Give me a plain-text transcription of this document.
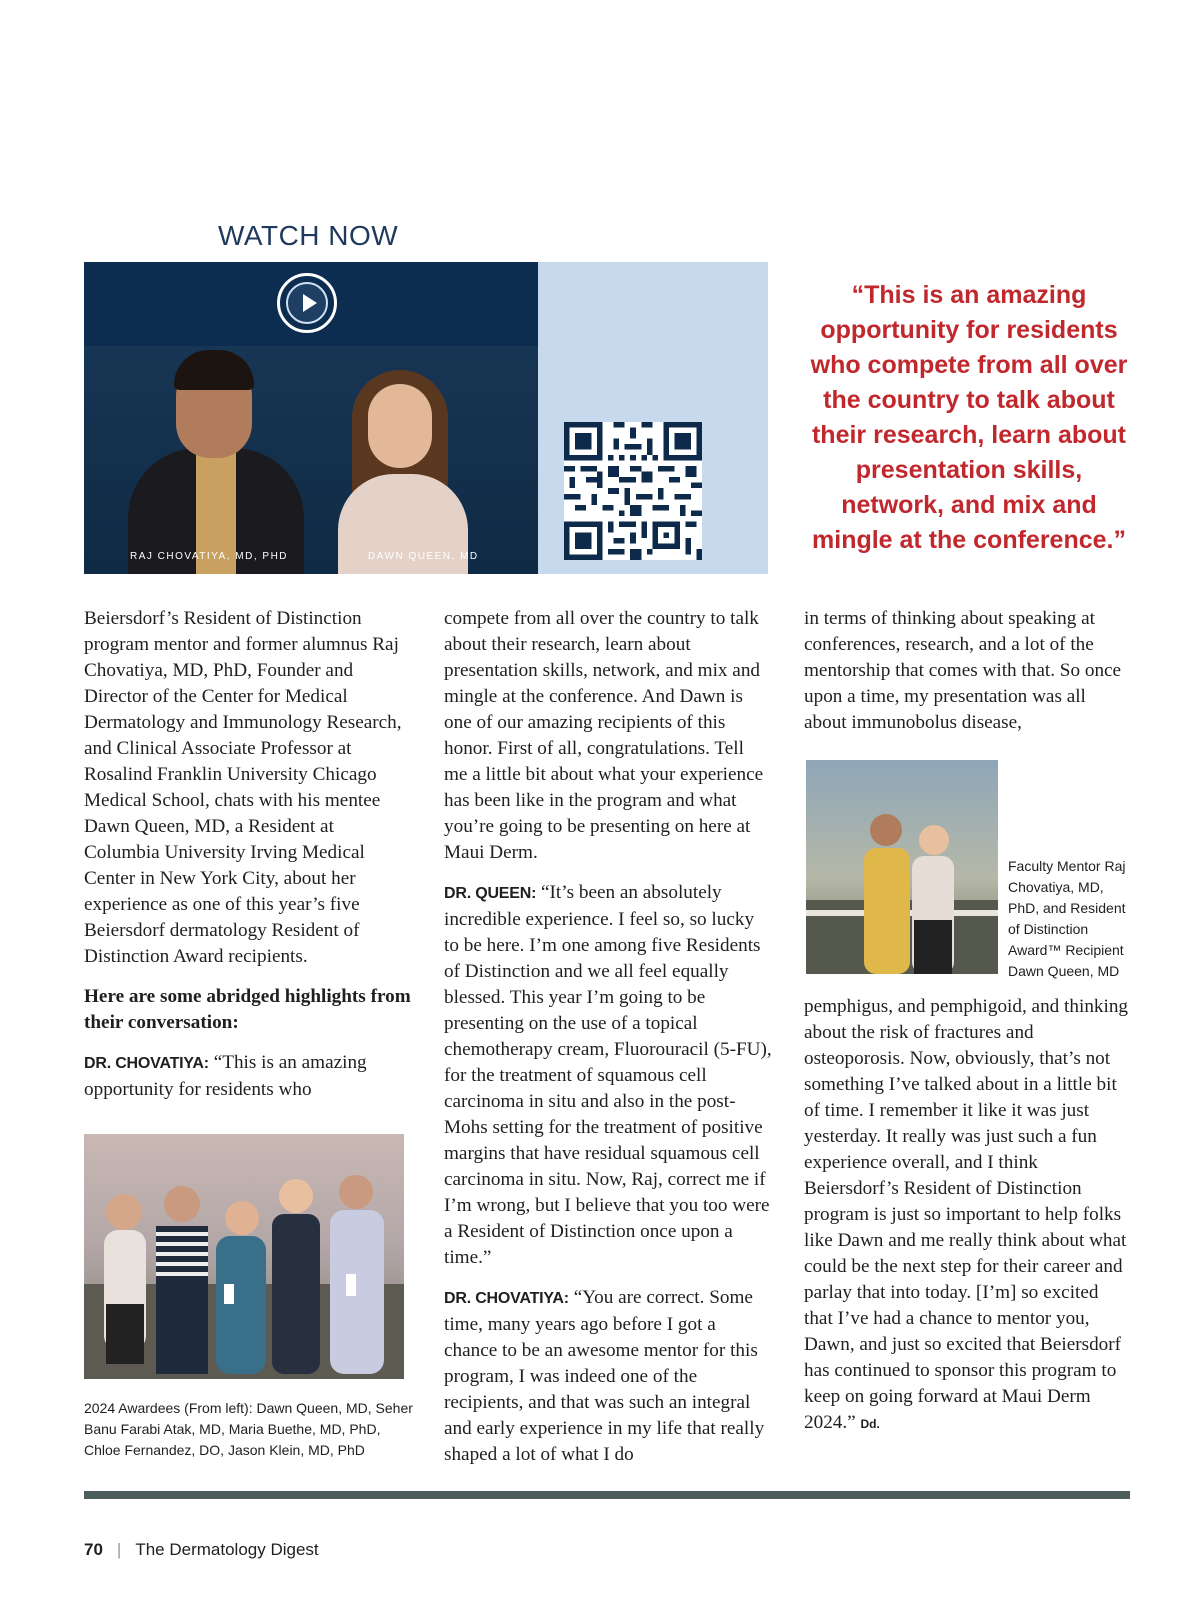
WATCH NOW
RAJ CHOVATIYA, MD, PHD	DAWN QUEEN, MD
“This is an amazing opportunity for residents who compete from all over the country to talk about their research, learn about presentation skills, network, and mix and mingle at the conference.”

Beiersdorf’s Resident of Distinction program mentor and former alumnus Raj Chovatiya, MD, PhD, Founder and Director of the Center for Medical Dermatology and Immunology Research, and Clinical Associate Professor at Rosalind Franklin University Chicago Medical School, chats with his mentee Dawn Queen, MD, a Resident at Columbia University Irving Medical Center in New York City, about her experience as one of this year’s five Beiersdorf dermatology Resident of Distinction Award recipients.

Here are some abridged highlights from their conversation:

DR. CHOVATIYA: “This is an amazing opportunity for residents who

2024 Awardees (From left): Dawn Queen, MD, Seher Banu Farabi Atak, MD, Maria Buethe, MD, PhD, Chloe Fernandez, DO, Jason Klein, MD, PhD

compete from all over the country to talk about their research, learn about presentation skills, network, and mix and mingle at the conference. And Dawn is one of our amazing recipients of this honor. First of all, congratulations. Tell me a little bit about what your experience has been like in the program and what you’re going to be presenting on here at Maui Derm.

DR. QUEEN: “It’s been an absolutely incredible experience. I feel so, so lucky to be here. I’m one among five Residents of Distinction and we all feel equally blessed. This year I’m going to be presenting on the use of a topical chemotherapy cream, Fluorouracil (5-FU), for the treatment of squamous cell carcinoma in situ and also in the post-Mohs setting for the treatment of positive margins that have residual squamous cell carcinoma in situ. Now, Raj, correct me if I’m wrong, but I believe that you too were a Resident of Distinction once upon a time.”

DR. CHOVATIYA: “You are correct. Some time, many years ago before I got a chance to be an awesome mentor for this program, I was indeed one of the recipients, and that was such an integral and early experience in my life that really shaped a lot of what I do

in terms of thinking about speaking at conferences, research, and a lot of the mentorship that comes with that. So once upon a time, my presentation was all about immunobolus disease,

Faculty Mentor Raj Chovatiya, MD, PhD, and Resident of Distinction Award™ Recipient Dawn Queen, MD

pemphigus, and pemphigoid, and thinking about the risk of fractures and osteoporosis. Now, obviously, that’s not something I’ve talked about in a little bit of time. I remember it like it was just yesterday. It really was just such a fun experience overall, and I think Beiersdorf’s Resident of Distinction program is just so important to help folks like Dawn and me really think about what could be the next step for their career and parlay that into today. [I’m] so excited that I’ve had a chance to mentor you, Dawn, and just so excited that Beiersdorf has continued to sponsor this program to keep on going forward at Maui Derm 2024.” Dd.

70 | The Dermatology Digest
